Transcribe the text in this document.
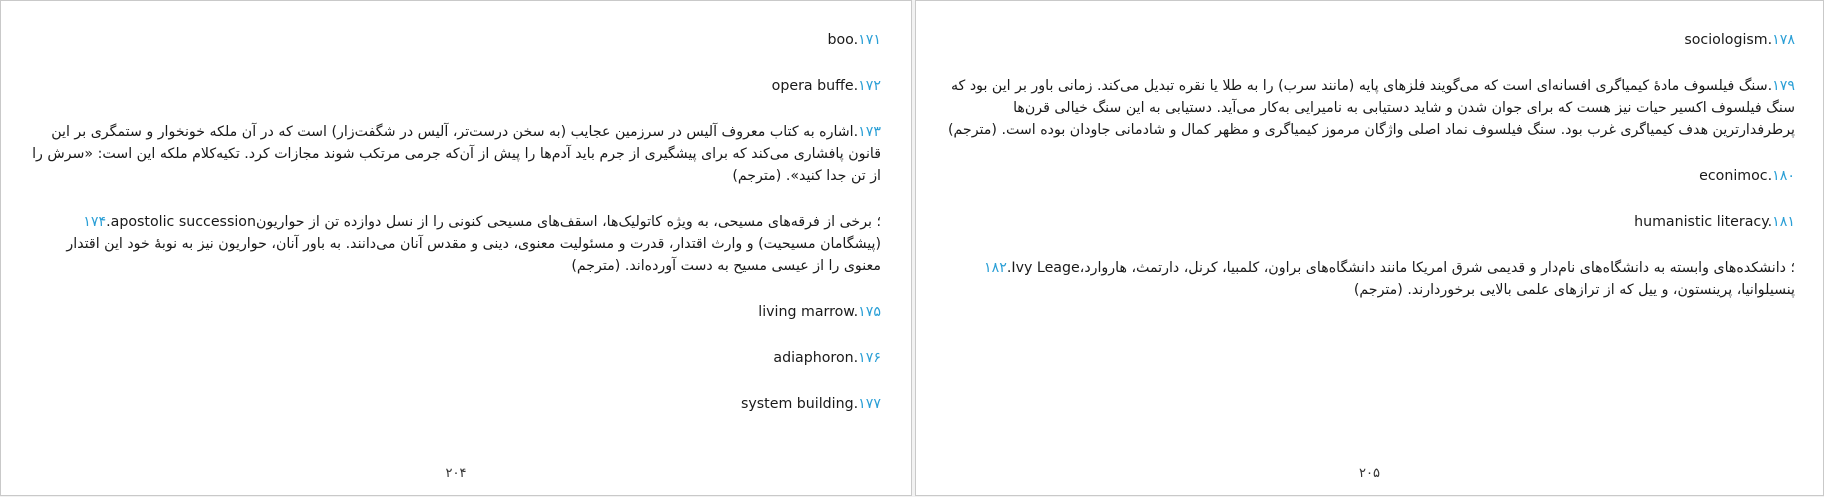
boo.۱۷۱

opera buffe.۱۷۲

۱۷۳.اشاره به کتاب معروف آلیس در سرزمین عجایب (به سخن درست‌تر، آلیس در شگفت‌زار) است که در آن ملکه خونخوار و ستمگری بر این قانون پافشاری می‌کند که برای پیشگیری از جرم باید آدم‌ها را پیش از آن‌که جرمی مرتکب شوند مجازات کرد. تکیه‌کلام ملکه این است: «سرش را از تن جدا کنید». (مترجم)

۱۷۴.apostolic succession؛ برخی از فرقه‌های مسیحی، به ویژه کاتولیک‌ها، اسقف‌های مسیحی کنونی را از نسل دوازده تن از حواریون (پیشگامان مسیحیت) و وارث اقتدار، قدرت و مسئولیت معنوی، دینی و مقدس آنان می‌دانند. به باور آنان، حواریون نیز به نوبهٔ خود این اقتدار معنوی را از عیسی مسیح به دست آورده‌اند. (مترجم)

living marrow.۱۷۵

adiaphoron.۱۷۶

system building.۱۷۷

۲۰۴

sociologism.۱۷۸

۱۷۹.سنگ فیلسوف مادهٔ کیمیاگری افسانه‌ای است که می‌گویند فلزهای پایه (مانند سرب) را به طلا یا نقره تبدیل می‌کند. زمانی باور بر این بود که سنگ فیلسوف اکسیر حیات نیز هست که برای جوان شدن و شاید دستیابی به نامیرایی به‌کار می‌آید. دستیابی به این سنگ خیالی قرن‌ها پرطرفدارترین هدف کیمیاگری غرب بود. سنگ فیلسوف نماد اصلی واژگان مرموز کیمیاگری و مظهر کمال و شادمانی جاودان بوده است. (مترجم)

econimoc.۱۸۰

humanistic literacy.۱۸۱

۱۸۲.Ivy Leage؛ دانشکده‌های وابسته به دانشگاه‌های نام‌دار و قدیمی شرق امریکا مانند دانشگاه‌های براون، کلمبیا، کرنل، دارتمث، هاروارد، پنسیلوانیا، پرینستون، و ییل که از ترازهای علمی بالایی برخوردارند. (مترجم)

۲۰۵
